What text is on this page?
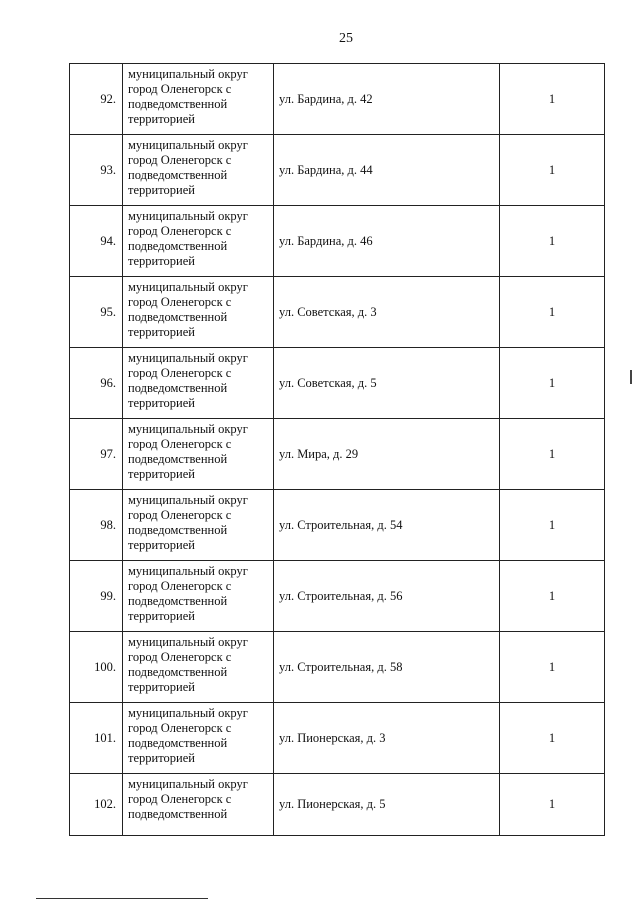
25
92.	муниципальный округ
город Оленегорск с
подведомственной
территорией	ул. Бардина, д. 42	1
93.	муниципальный округ
город Оленегорск с
подведомственной
территорией	ул. Бардина, д. 44	1
94.	муниципальный округ
город Оленегорск с
подведомственной
территорией	ул. Бардина, д. 46	1
95.	муниципальный округ
город Оленегорск с
подведомственной
территорией	ул. Советская, д. 3	1
96.	муниципальный округ
город Оленегорск с
подведомственной
территорией	ул. Советская, д. 5	1
97.	муниципальный округ
город Оленегорск с
подведомственной
территорией	ул. Мира, д. 29	1
98.	муниципальный округ
город Оленегорск с
подведомственной
территорией	ул. Строительная, д. 54	1
99.	муниципальный округ
город Оленегорск с
подведомственной
территорией	ул. Строительная, д. 56	1
100.	муниципальный округ
город Оленегорск с
подведомственной
территорией	ул. Строительная, д. 58	1
101.	муниципальный округ
город Оленегорск с
подведомственной
территорией	ул. Пионерская, д. 3	1
102.	муниципальный округ
город Оленегорск с
подведомственной	ул. Пионерская, д. 5	1
